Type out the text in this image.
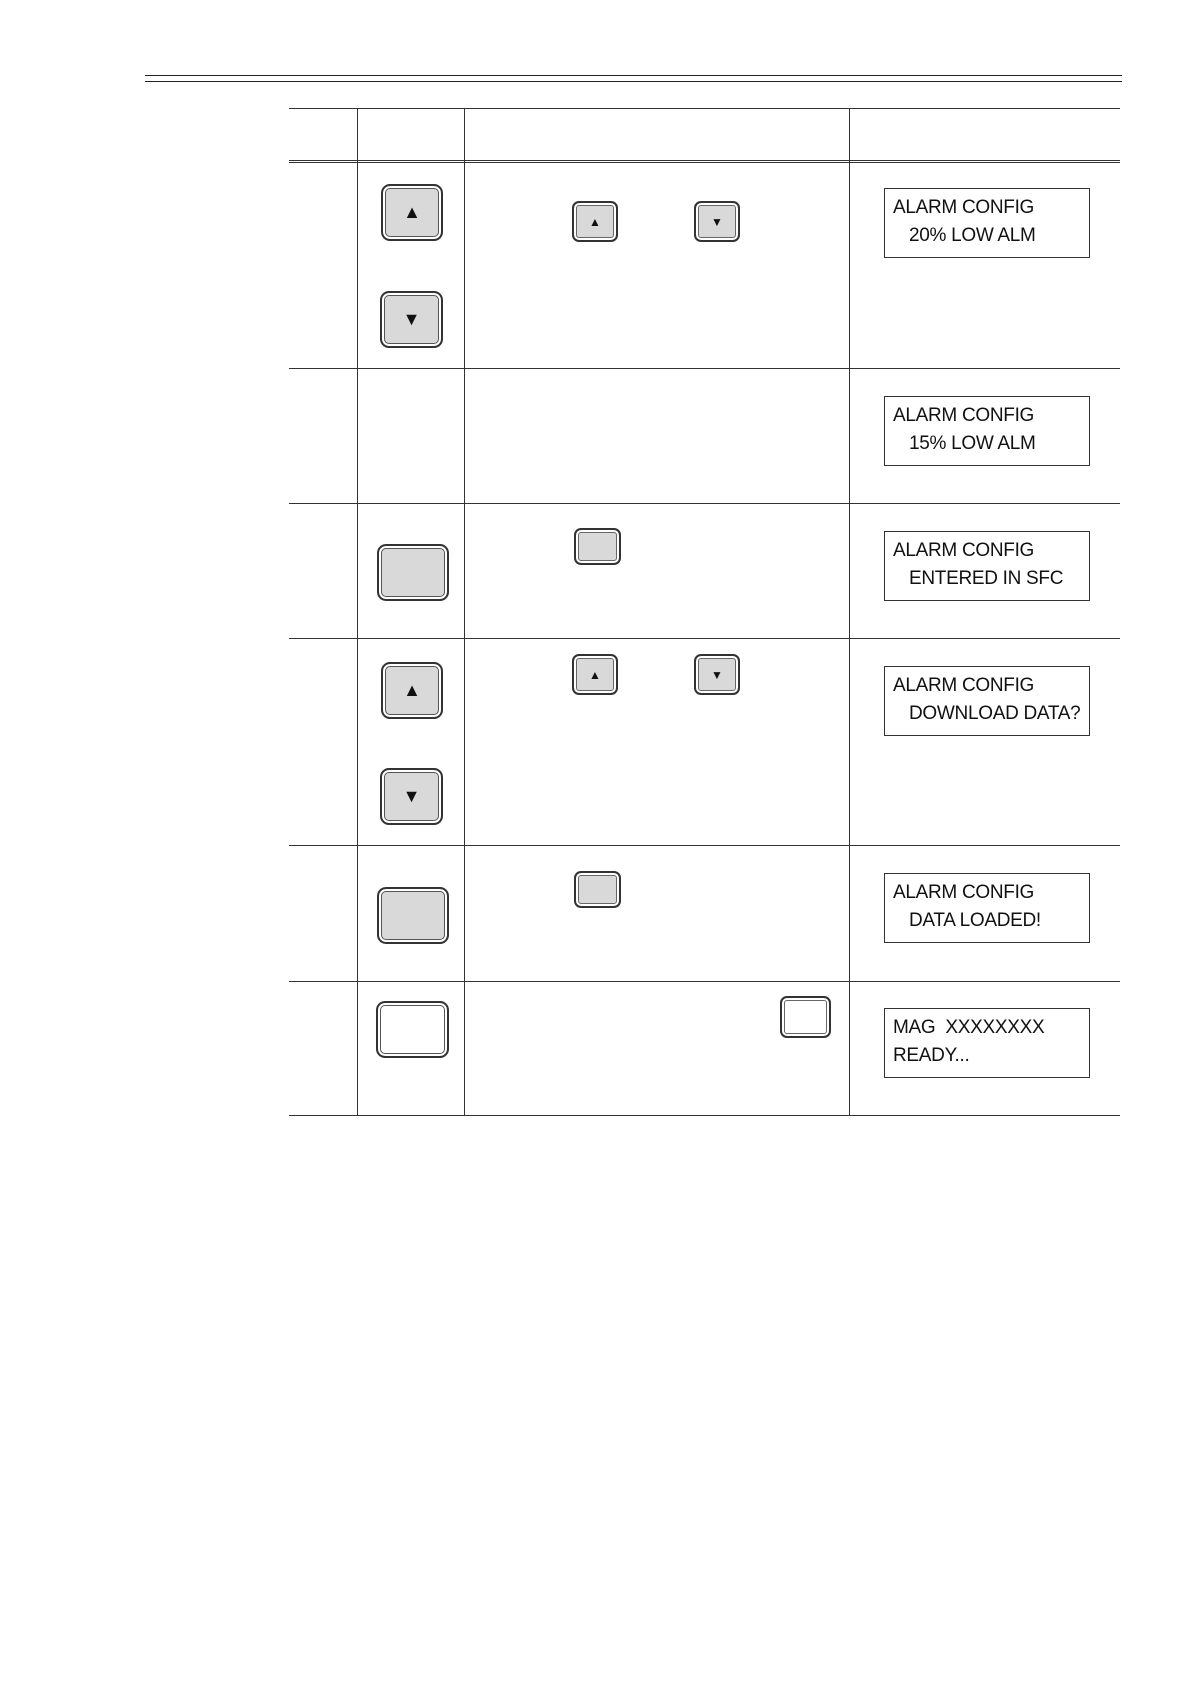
▲
▼
▲	▼
ALARM CONFIG
20% LOW ALM
ALARM CONFIG
15% LOW ALM
ALARM CONFIG
ENTERED IN SFC
▲
▼
▲	▼
ALARM CONFIG
DOWNLOAD DATA?
ALARM CONFIG
DATA LOADED!
MAG  XXXXXXXX
READY...
